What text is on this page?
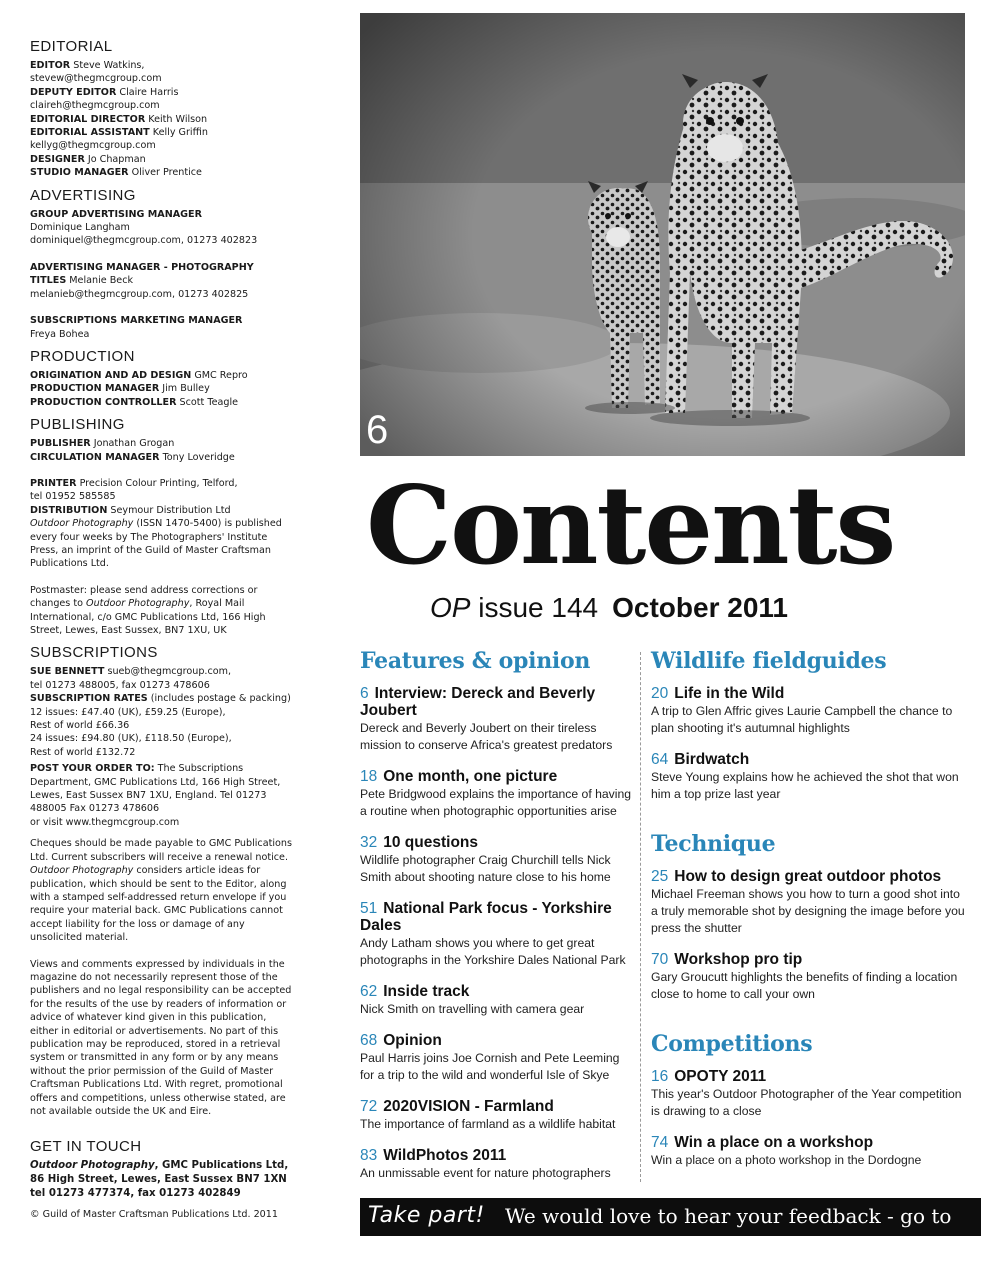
EDITORIAL
EDITOR Steve Watkins,
stevew@thegmcgroup.com
DEPUTY EDITOR Claire Harris
claireh@thegmcgroup.com
EDITORIAL DIRECTOR Keith Wilson
EDITORIAL ASSISTANT Kelly Griffin
kellyg@thegmcgroup.com
DESIGNER Jo Chapman
STUDIO MANAGER Oliver Prentice
ADVERTISING
GROUP ADVERTISING MANAGER
Dominique Langham
dominiquel@thegmcgroup.com, 01273 402823
ADVERTISING MANAGER - PHOTOGRAPHY
TITLES Melanie Beck
melanieb@thegmcgroup.com, 01273 402825
SUBSCRIPTIONS MARKETING MANAGER
Freya Bohea
PRODUCTION
ORIGINATION AND AD DESIGN GMC Repro
PRODUCTION MANAGER Jim Bulley
PRODUCTION CONTROLLER Scott Teagle
PUBLISHING
PUBLISHER Jonathan Grogan
CIRCULATION MANAGER Tony Loveridge
PRINTER Precision Colour Printing, Telford,
tel 01952 585585
DISTRIBUTION Seymour Distribution Ltd

Outdoor Photography (ISSN 1470-5400) is published every four weeks by The Photographers' Institute Press, an imprint of the Guild of Master Craftsman Publications Ltd.

Postmaster: please send address corrections or changes to Outdoor Photography, Royal Mail International, c/o GMC Publications Ltd, 166 High Street, Lewes, East Sussex, BN7 1XU, UK

SUBSCRIPTIONS
SUE BENNETT sueb@thegmcgroup.com,
tel 01273 488005, fax 01273 478606
SUBSCRIPTION RATES (includes postage & packing)
12 issues: £47.40 (UK), £59.25 (Europe),
Rest of world £66.36
24 issues: £94.80 (UK), £118.50 (Europe),
Rest of world £132.72

POST YOUR ORDER TO: The Subscriptions Department, GMC Publications Ltd, 166 High Street, Lewes, East Sussex BN7 1XU, England. Tel 01273 488005 Fax 01273 478606

or visit www.thegmcgroup.com

Cheques should be made payable to GMC Publications Ltd. Current subscribers will receive a renewal notice. Outdoor Photography considers article ideas for publication, which should be sent to the Editor, along with a stamped self-addressed return envelope if you require your material back. GMC Publications cannot accept liability for the loss or damage of any unsolicited material.

Views and comments expressed by individuals in the magazine do not necessarily represent those of the publishers and no legal responsibility can be accepted for the results of the use by readers of information or advice of whatever kind given in this publication, either in editorial or advertisements. No part of this publication may be reproduced, stored in a retrieval system or transmitted in any form or by any means without the prior permission of the Guild of Master Craftsman Publications Ltd. With regret, promotional offers and competitions, unless otherwise stated, are not available outside the UK and Eire.

GET IN TOUCH
Outdoor Photography, GMC Publications Ltd,
86 High Street, Lewes, East Sussex BN7 1XN
tel 01273 477374, fax 01273 402849
© Guild of Master Craftsman Publications Ltd. 2011
6
Contents
OP issue 144 October 2011
Features & opinion
6 Interview: Dereck and Beverly Joubert
Dereck and Beverly Joubert on their tireless mission to conserve Africa's greatest predators
18 One month, one picture
Pete Bridgwood explains the importance of having a routine when photographic opportunities arise
32 10 questions
Wildlife photographer Craig Churchill tells Nick Smith about shooting nature close to his home
51 National Park focus - Yorkshire Dales
Andy Latham shows you where to get great photographs in the Yorkshire Dales National Park
62 Inside track
Nick Smith on travelling with camera gear
68 Opinion
Paul Harris joins Joe Cornish and Pete Leeming for a trip to the wild and wonderful Isle of Skye
72 2020VISION - Farmland
The importance of farmland as a wildlife habitat
83 WildPhotos 2011
An unmissable event for nature photographers
Wildlife fieldguides
20 Life in the Wild
A trip to Glen Affric gives Laurie Campbell the chance to plan shooting it's autumnal highlights
64 Birdwatch
Steve Young explains how he achieved the shot that won him a top prize last year
Technique
25 How to design great outdoor photos
Michael Freeman shows you how to turn a good shot into a truly memorable shot by designing the image before you press the shutter
70 Workshop pro tip
Gary Groucutt highlights the benefits of finding a location close to home to call your own
Competitions
16 OPOTY 2011
This year's Outdoor Photographer of the Year competition is drawing to a close
74 Win a place on a workshop
Win a place on a photo workshop in the Dordogne
Take part! We would love to hear your feedback - go to
